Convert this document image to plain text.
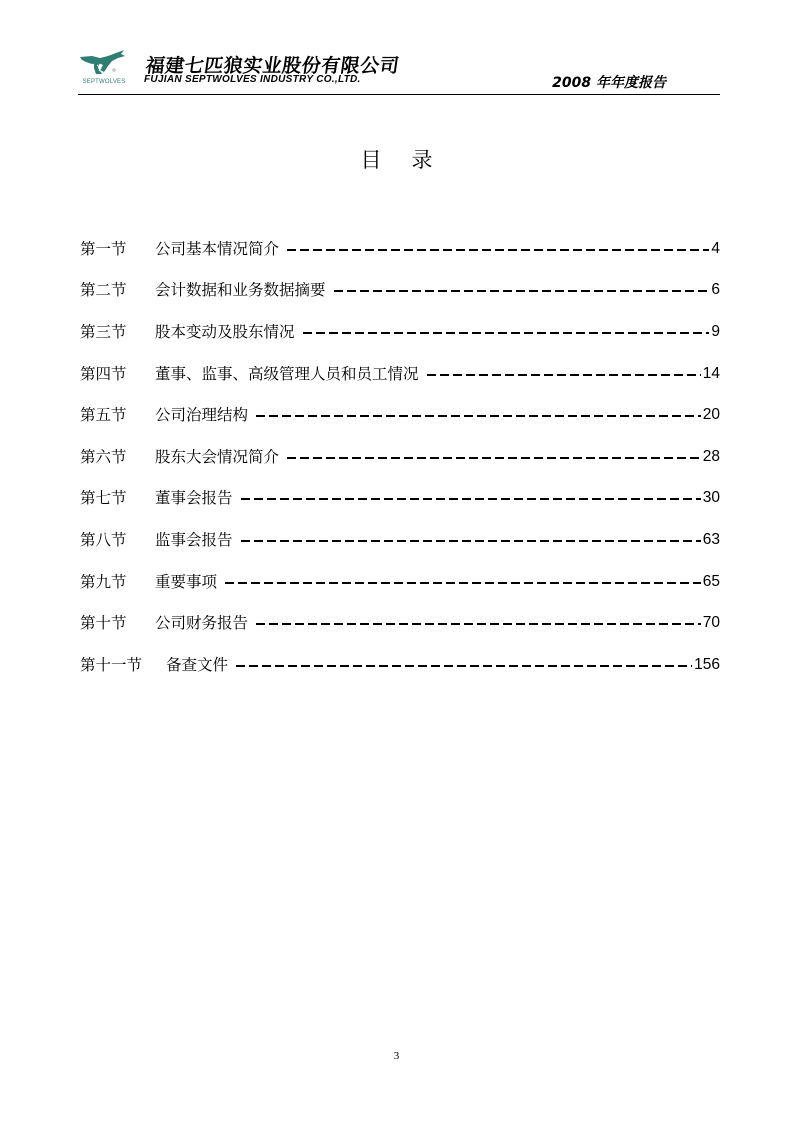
SEPTWOLVES
福建七匹狼实业股份有限公司
FUJIAN SEPTWOLVES INDUSTRY CO.,LTD.	2008 年年度报告
目 录
第一节	公司基本情况简介	4
第二节	会计数据和业务数据摘要	6
第三节	股本变动及股东情况	9
第四节	董事、监事、高级管理人员和员工情况	14
第五节	公司治理结构	20
第六节	股东大会情况简介	28
第七节	董事会报告	30
第八节	监事会报告	63
第九节	重要事项	65
第十节	公司财务报告	70
第十一节	备查文件	156
3
